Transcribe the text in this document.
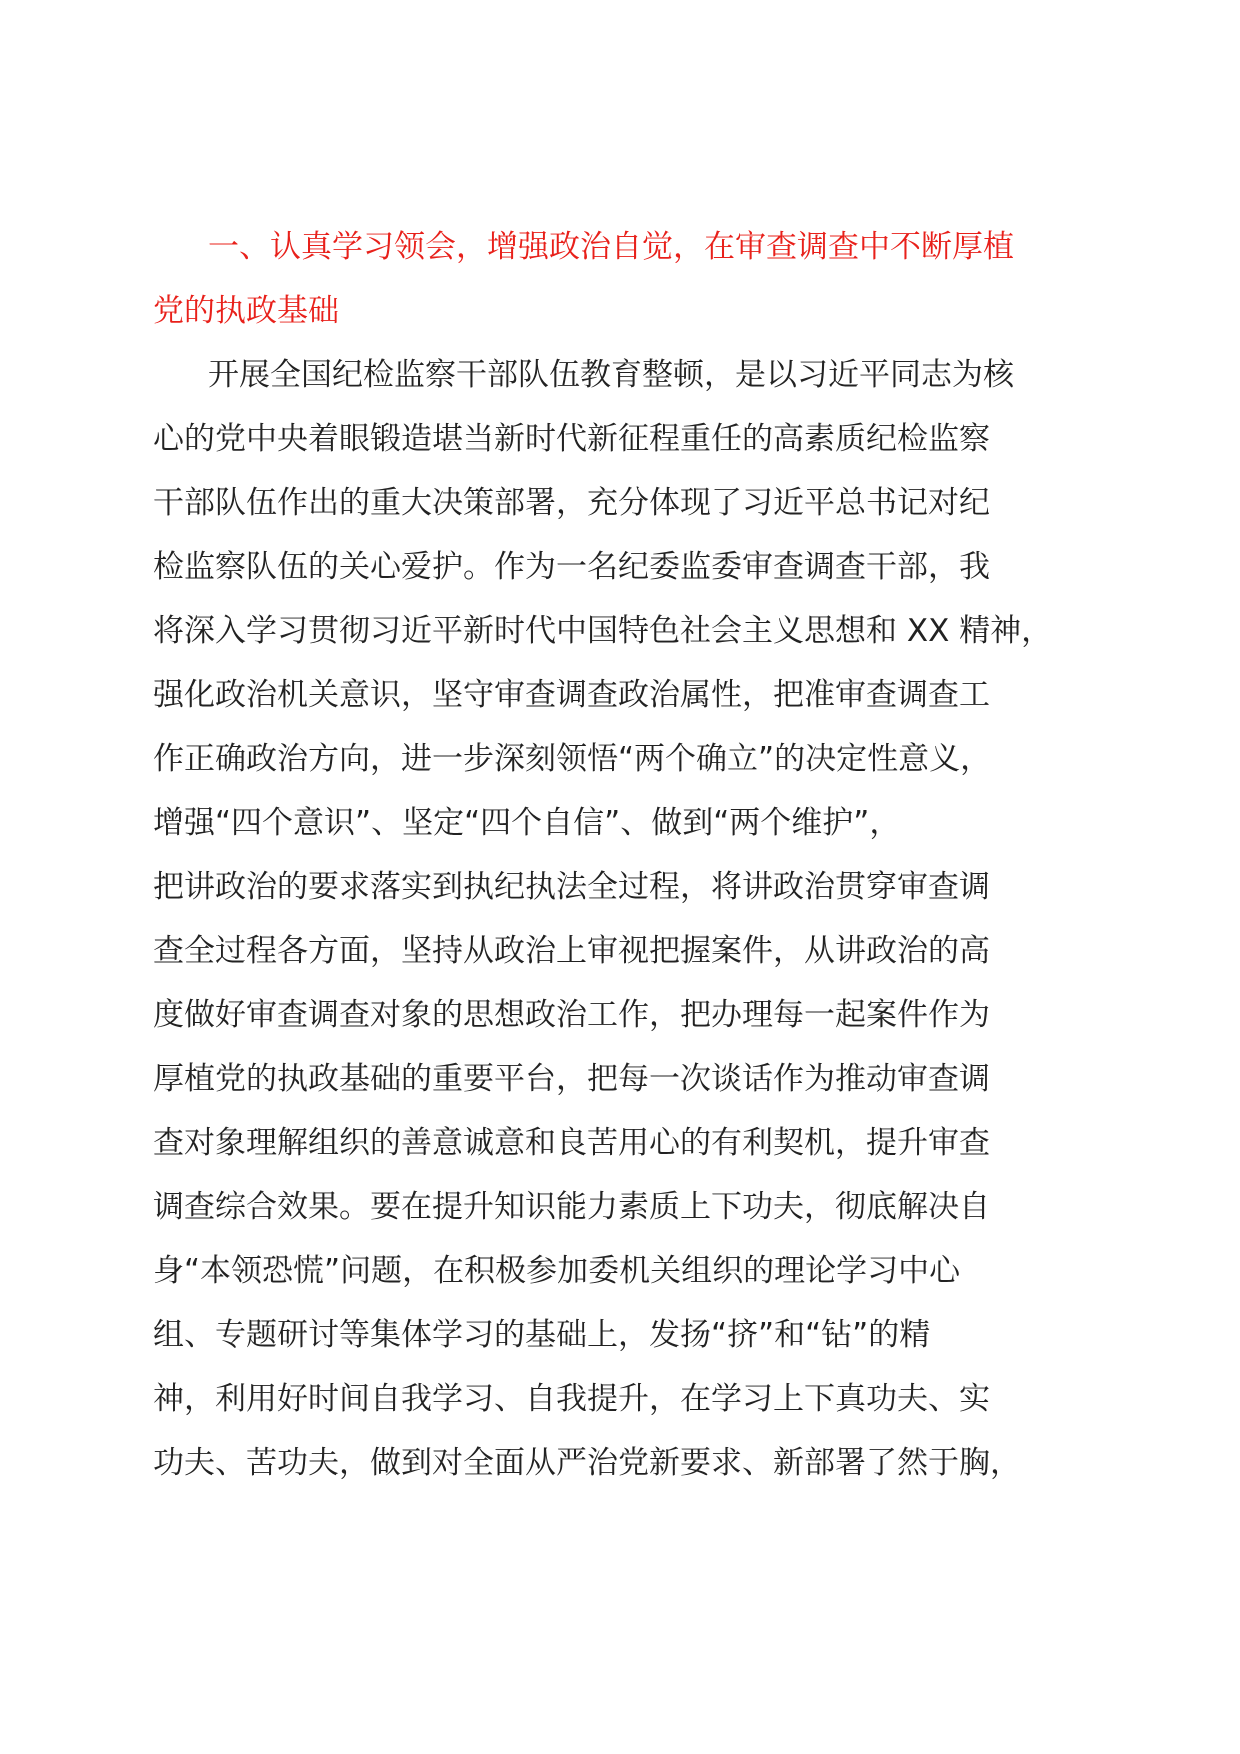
一、认真学习领会，增强政治自觉，在审查调查中不断厚植
党的执政基础
开展全国纪检监察干部队伍教育整顿，是以习近平同志为核
心的党中央着眼锻造堪当新时代新征程重任的高素质纪检监察
干部队伍作出的重大决策部署，充分体现了习近平总书记对纪
检监察队伍的关心爱护。作为一名纪委监委审查调查干部，我
将深入学习贯彻习近平新时代中国特色社会主义思想和 XX 精神，
强化政治机关意识，坚守审查调查政治属性，把准审查调查工
作正确政治方向，进一步深刻领悟“两个确立”的决定性意义，
增强“四个意识”、坚定“四个自信”、做到“两个维护”，
把讲政治的要求落实到执纪执法全过程，将讲政治贯穿审查调
查全过程各方面，坚持从政治上审视把握案件，从讲政治的高
度做好审查调查对象的思想政治工作，把办理每一起案件作为
厚植党的执政基础的重要平台，把每一次谈话作为推动审查调
查对象理解组织的善意诚意和良苦用心的有利契机，提升审查
调查综合效果。要在提升知识能力素质上下功夫，彻底解决自
身“本领恐慌”问题，在积极参加委机关组织的理论学习中心
组、专题研讨等集体学习的基础上，发扬“挤”和“钻”的精
神，利用好时间自我学习、自我提升，在学习上下真功夫、实
功夫、苦功夫，做到对全面从严治党新要求、新部署了然于胸，
